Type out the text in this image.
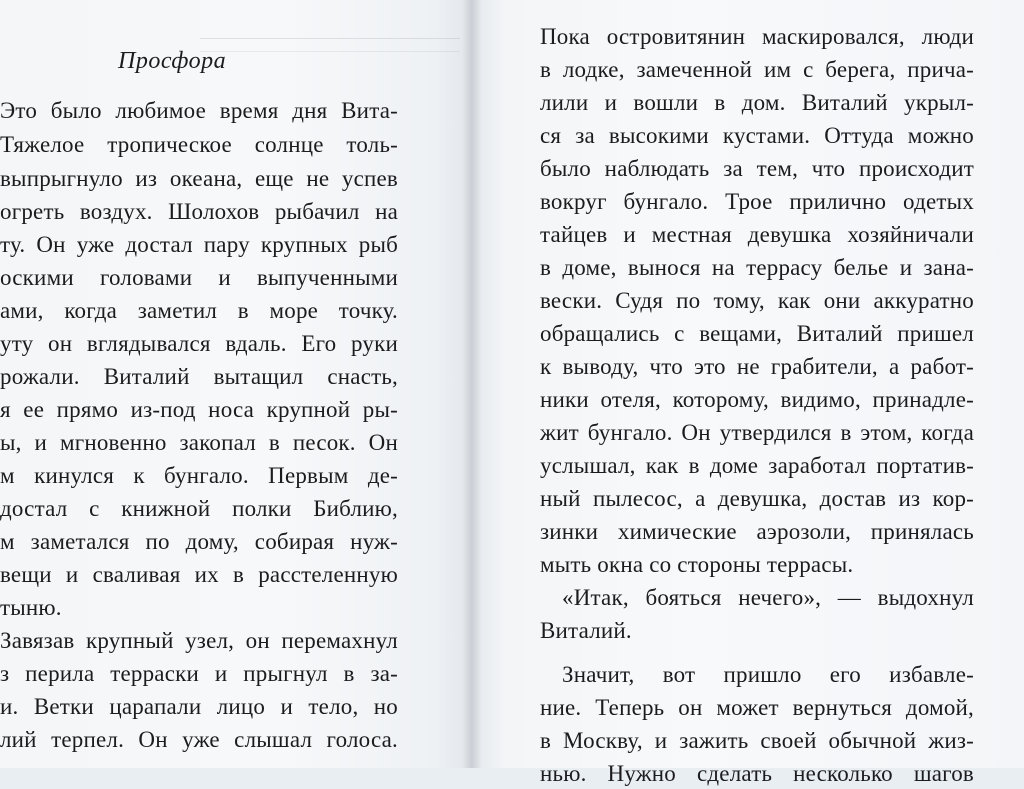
Просфора
Это было любимое время дня Вита-
Тяжелое тропическое солнце толь-
выпрыгнуло из океана, еще не успев
огреть воздух. Шолохов рыбачил на
ту. Он уже достал пару крупных рыб
оскими головами и выпученными
ами, когда заметил в море точку.
уту он вглядывался вдаль. Его руки
рожали. Виталий вытащил снасть,
я ее прямо из-под носа крупной ры-
ы, и мгновенно закопал в песок. Он
м кинулся к бунгало. Первым де-
достал с книжной полки Библию,
м заметался по дому, собирая нуж-
вещи и сваливая их в расстеленную
тыню.
Завязав крупный узел, он перемахнул
з перила терраски и прыгнул в за-
и. Ветки царапали лицо и тело, но
лий терпел. Он уже слышал голоса.
Пока островитянин маскировался, люди
в лодке, замеченной им с берега, прича-
лили и вошли в дом. Виталий укрыл-
ся за высокими кустами. Оттуда можно
было наблюдать за тем, что происходит
вокруг бунгало. Трое прилично одетых
тайцев и местная девушка хозяйничали
в доме, вынося на террасу белье и зана-
вески. Судя по тому, как они аккуратно
обращались с вещами, Виталий пришел
к выводу, что это не грабители, а работ-
ники отеля, которому, видимо, принадле-
жит бунгало. Он утвердился в этом, когда
услышал, как в доме заработал портатив-
ный пылесос, а девушка, достав из кор-
зинки химические аэрозоли, принялась
мыть окна со стороны террасы.
«Итак, бояться нечего», — выдохнул
Виталий.
Значит, вот пришло его избавле-
ние. Теперь он может вернуться домой,
в Москву, и зажить своей обычной жиз-
нью. Нужно сделать несколько шагов
